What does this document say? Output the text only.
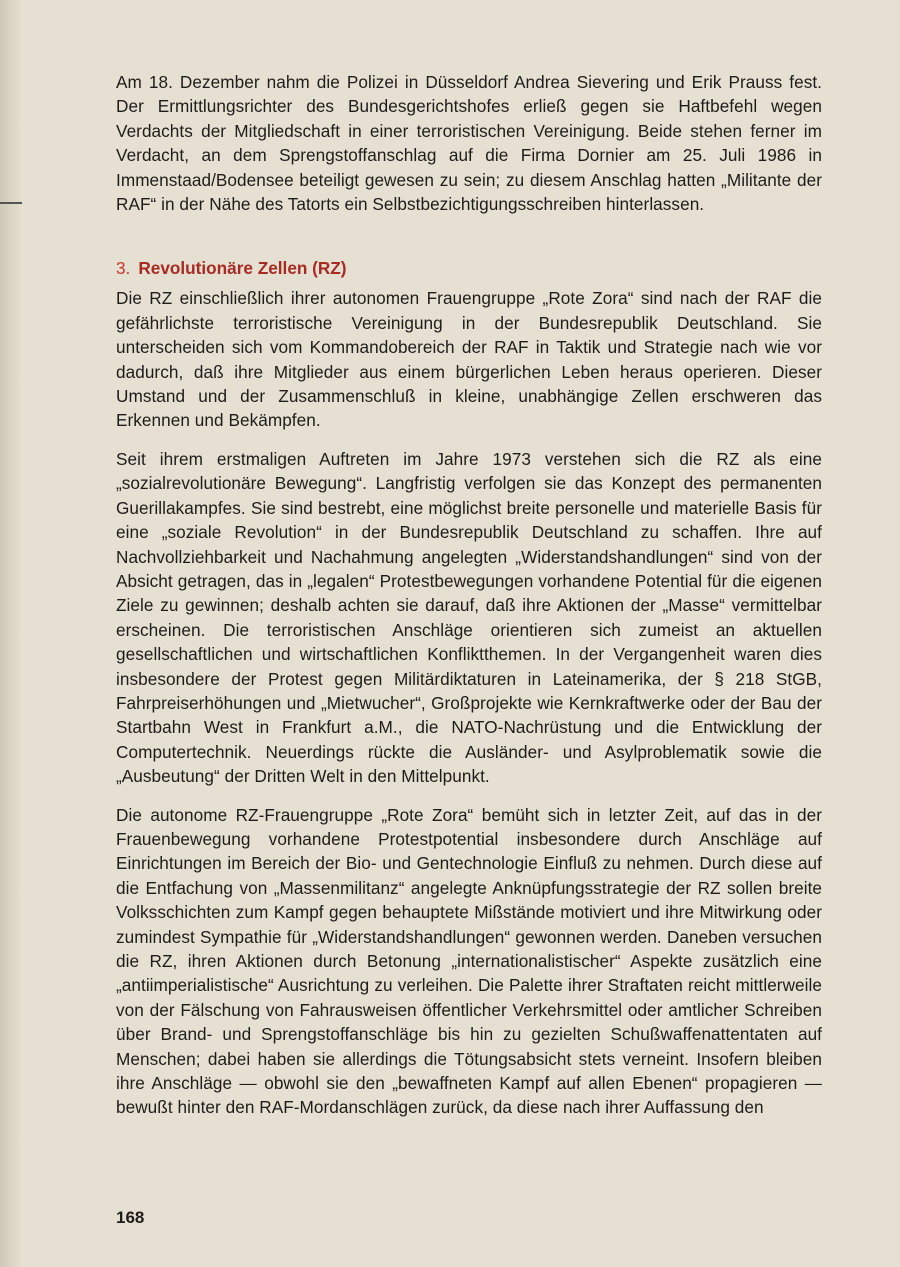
Am 18. Dezember nahm die Polizei in Düsseldorf Andrea Sievering und Erik Prauss fest. Der Ermittlungsrichter des Bundesgerichtshofes erließ gegen sie Haftbefehl wegen Verdachts der Mitgliedschaft in einer terroristischen Vereinigung. Beide stehen ferner im Verdacht, an dem Sprengstoffanschlag auf die Firma Dornier am 25. Juli 1986 in Immenstaad/Bodensee beteiligt gewesen zu sein; zu diesem Anschlag hatten „Militante der RAF“ in der Nähe des Tatorts ein Selbstbezichtigungsschreiben hinterlassen.

3. Revolutionäre Zellen (RZ)

Die RZ einschließlich ihrer autonomen Frauengruppe „Rote Zora“ sind nach der RAF die gefährlichste terroristische Vereinigung in der Bundesrepublik Deutschland. Sie unterscheiden sich vom Kommandobereich der RAF in Taktik und Strategie nach wie vor dadurch, daß ihre Mitglieder aus einem bürgerlichen Leben heraus operieren. Dieser Umstand und der Zusammenschluß in kleine, unabhängige Zellen erschweren das Erkennen und Bekämpfen.

Seit ihrem erstmaligen Auftreten im Jahre 1973 verstehen sich die RZ als eine „sozialrevolutionäre Bewegung“. Langfristig verfolgen sie das Konzept des permanenten Guerillakampfes. Sie sind bestrebt, eine möglichst breite personelle und materielle Basis für eine „soziale Revolution“ in der Bundesrepublik Deutschland zu schaffen. Ihre auf Nachvollziehbarkeit und Nachahmung angelegten „Widerstandshandlungen“ sind von der Absicht getragen, das in „legalen“ Protestbewegungen vorhandene Potential für die eigenen Ziele zu gewinnen; deshalb achten sie darauf, daß ihre Aktionen der „Masse“ vermittelbar erscheinen. Die terroristischen Anschläge orientieren sich zumeist an aktuellen gesellschaftlichen und wirtschaftlichen Konfliktthemen. In der Vergangenheit waren dies insbesondere der Protest gegen Militärdiktaturen in Lateinamerika, der § 218 StGB, Fahrpreiserhöhungen und „Mietwucher“, Großprojekte wie Kernkraftwerke oder der Bau der Startbahn West in Frankfurt a.M., die NATO-Nachrüstung und die Entwicklung der Computertechnik. Neuerdings rückte die Ausländer- und Asylproblematik sowie die „Ausbeutung“ der Dritten Welt in den Mittelpunkt.

Die autonome RZ-Frauengruppe „Rote Zora“ bemüht sich in letzter Zeit, auf das in der Frauenbewegung vorhandene Protestpotential insbesondere durch Anschläge auf Einrichtungen im Bereich der Bio- und Gentechnologie Einfluß zu nehmen. Durch diese auf die Entfachung von „Massenmilitanz“ angelegte Anknüpfungsstrategie der RZ sollen breite Volksschichten zum Kampf gegen behauptete Mißstände motiviert und ihre Mitwirkung oder zumindest Sympathie für „Widerstandshandlungen“ gewonnen werden. Daneben versuchen die RZ, ihren Aktionen durch Betonung „internationalistischer“ Aspekte zusätzlich eine „antiimperialistische“ Ausrichtung zu verleihen. Die Palette ihrer Straftaten reicht mittlerweile von der Fälschung von Fahrausweisen öffentlicher Verkehrsmittel oder amtlicher Schreiben über Brand- und Sprengstoffanschläge bis hin zu gezielten Schußwaffenattentaten auf Menschen; dabei haben sie allerdings die Tötungsabsicht stets verneint. Insofern bleiben ihre Anschläge — obwohl sie den „bewaffneten Kampf auf allen Ebenen“ propagieren — bewußt hinter den RAF-Mordanschlägen zurück, da diese nach ihrer Auffassung den

168
